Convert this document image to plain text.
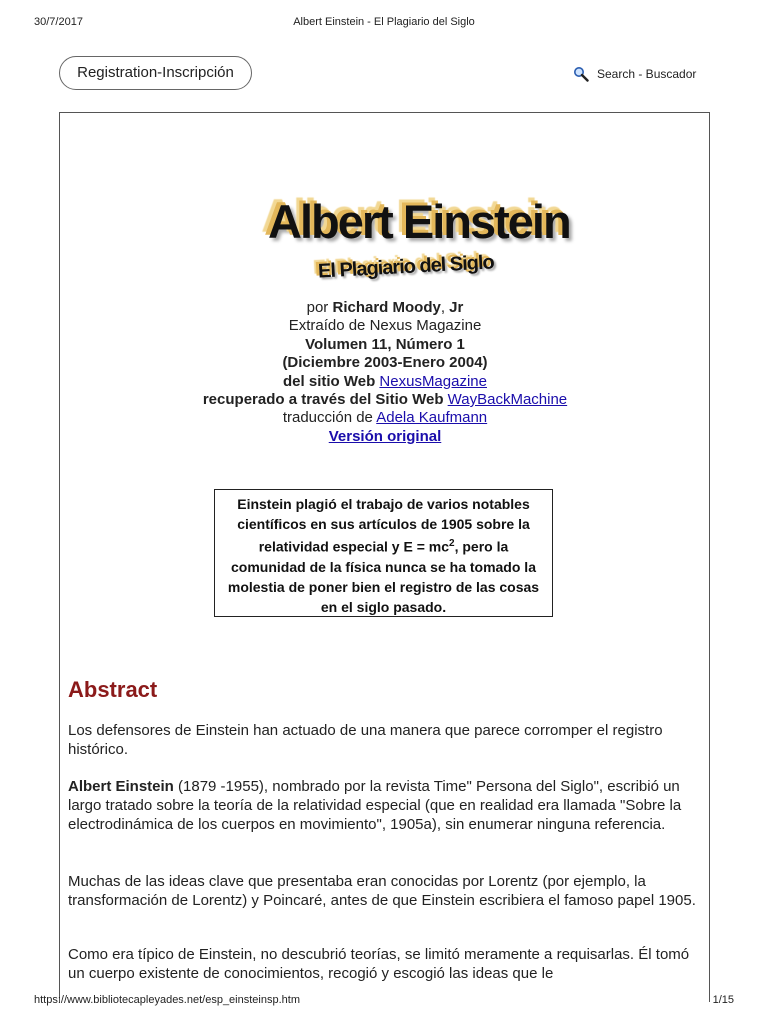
30/7/2017	Albert Einstein - El Plagiario del Siglo
Registration-Inscripción	Search - Buscador
Albert Einstein
El Plagiario del Siglo
por Richard Moody, Jr
Extraído de Nexus Magazine
Volumen 11, Número 1
(Diciembre 2003-Enero 2004)
del sitio Web NexusMagazine
recuperado a través del Sitio Web WayBackMachine
traducción de Adela Kaufmann
Versión original
Einstein plagió el trabajo de varios notables científicos en sus artículos de 1905 sobre la relatividad especial y $E = mc^2$, pero la comunidad de la física nunca se ha tomado la molestia de poner bien el registro de las cosas en el siglo pasado.
Abstract
Los defensores de Einstein han actuado de una manera que parece corromper el registro histórico.
Albert Einstein (1879 -1955), nombrado por la revista Time" Persona del Siglo", escribió un largo tratado sobre la teoría de la relatividad especial (que en realidad era llamada "Sobre la electrodinámica de los cuerpos en movimiento", 1905a), sin enumerar ninguna referencia.
Muchas de las ideas clave que presentaba eran conocidas por Lorentz (por ejemplo, la transformación de Lorentz) y Poincaré, antes de que Einstein escribiera el famoso papel 1905.
Como era típico de Einstein, no descubrió teorías, se limitó meramente a requisarlas. Él tomó un cuerpo existente de conocimientos, recogió y escogió las ideas que le
https://www.bibliotecapleyades.net/esp_einsteinsp.htm	1/15
